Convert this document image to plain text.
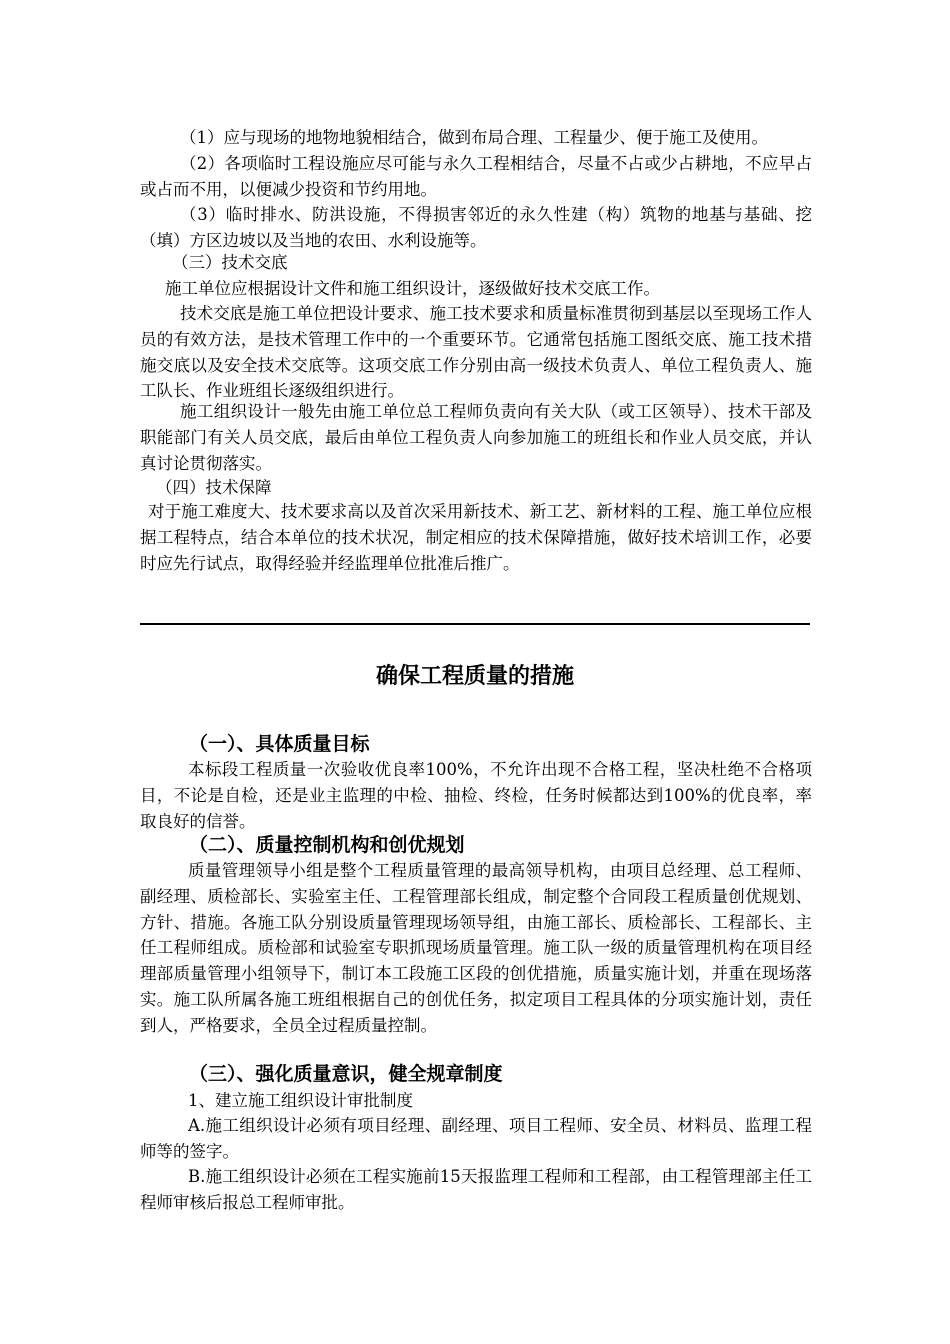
（1）应与现场的地物地貌相结合，做到布局合理、工程量少、便于施工及使用。

（2）各项临时工程设施应尽可能与永久工程相结合，尽量不占或少占耕地，不应早占或占而不用，以便减少投资和节约用地。

（3）临时排水、防洪设施，不得损害邻近的永久性建（构）筑物的地基与基础、挖（填）方区边坡以及当地的农田、水利设施等。

（三）技术交底

施工单位应根据设计文件和施工组织设计，逐级做好技术交底工作。

技术交底是施工单位把设计要求、施工技术要求和质量标准贯彻到基层以至现场工作人员的有效方法，是技术管理工作中的一个重要环节。它通常包括施工图纸交底、施工技术措施交底以及安全技术交底等。这项交底工作分别由高一级技术负责人、单位工程负责人、施工队长、作业班组长逐级组织进行。

施工组织设计一般先由施工单位总工程师负责向有关大队（或工区领导）、技术干部及职能部门有关人员交底，最后由单位工程负责人向参加施工的班组长和作业人员交底，并认真讨论贯彻落实。

（四）技术保障

对于施工难度大、技术要求高以及首次采用新技术、新工艺、新材料的工程、施工单位应根据工程特点，结合本单位的技术状况，制定相应的技术保障措施，做好技术培训工作，必要时应先行试点，取得经验并经监理单位批准后推广。

确保工程质量的措施
（一）、具体质量目标

本标段工程质量一次验收优良率100%，不允许出现不合格工程，坚决杜绝不合格项目，不论是自检，还是业主监理的中检、抽检、终检，任务时候都达到100%的优良率，率取良好的信誉。

（二）、质量控制机构和创优规划

质量管理领导小组是整个工程质量管理的最高领导机构，由项目总经理、总工程师、副经理、质检部长、实验室主任、工程管理部长组成，制定整个合同段工程质量创优规划、方针、措施。各施工队分别设质量管理现场领导组，由施工部长、质检部长、工程部长、主任工程师组成。质检部和试验室专职抓现场质量管理。施工队一级的质量管理机构在项目经理部质量管理小组领导下，制订本工段施工区段的创优措施，质量实施计划，并重在现场落实。施工队所属各施工班组根据自己的创优任务，拟定项目工程具体的分项实施计划，责任到人，严格要求，全员全过程质量控制。

（三）、强化质量意识，健全规章制度

1、建立施工组织设计审批制度

A.施工组织设计必须有项目经理、副经理、项目工程师、安全员、材料员、监理工程师等的签字。

B.施工组织设计必须在工程实施前15天报监理工程师和工程部，由工程管理部主任工程师审核后报总工程师审批。
